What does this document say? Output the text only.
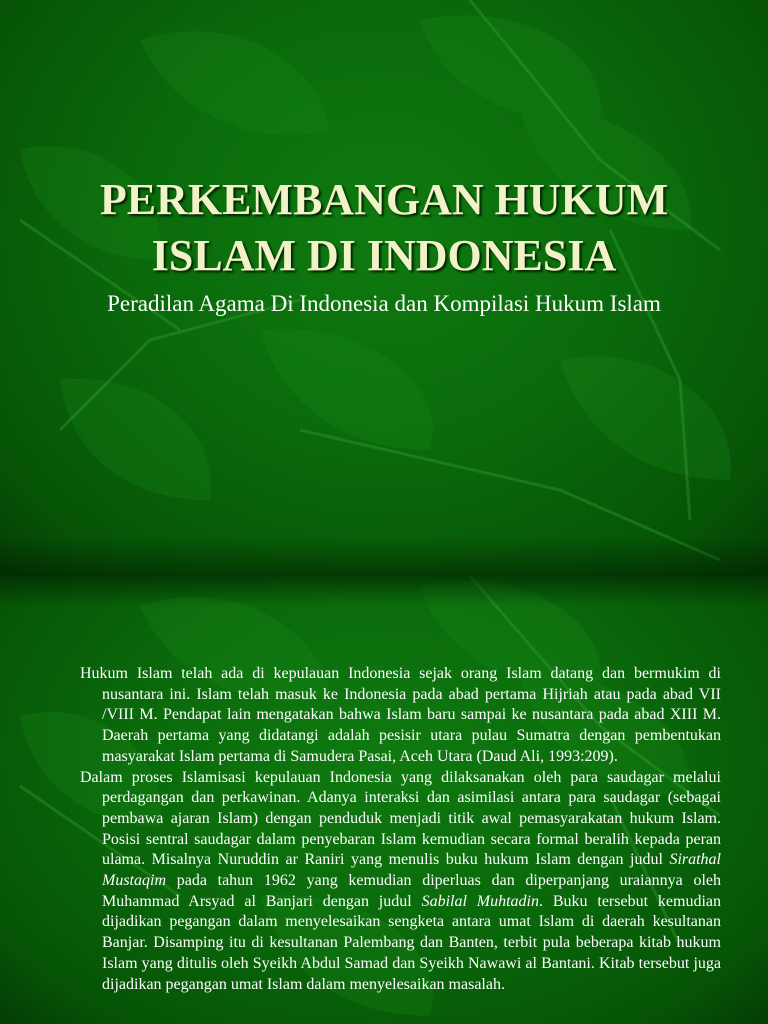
PERKEMBANGAN HUKUM
ISLAM DI INDONESIA

Peradilan Agama Di Indonesia dan Kompilasi Hukum Islam

Hukum Islam telah ada di kepulauan Indonesia sejak orang Islam datang dan bermukim di nusantara ini. Islam telah masuk ke Indonesia pada abad pertama Hijriah atau pada abad VII /VIII M. Pendapat lain mengatakan bahwa Islam baru sampai ke nusantara pada abad XIII M. Daerah pertama yang didatangi adalah pesisir utara pulau Sumatra dengan pembentukan masyarakat Islam pertama di Samudera Pasai, Aceh Utara (Daud Ali, 1993:209).

Dalam proses Islamisasi kepulauan Indonesia yang dilaksanakan oleh para saudagar melalui perdagangan dan perkawinan. Adanya interaksi dan asimilasi antara para saudagar (sebagai pembawa ajaran Islam) dengan penduduk menjadi titik awal pemasyarakatan hukum Islam. Posisi sentral saudagar dalam penyebaran Islam kemudian secara formal beralih kepada peran ulama. Misalnya Nuruddin ar Raniri yang menulis buku hukum Islam dengan judul Sirathal Mustaqim pada tahun 1962 yang kemudian diperluas dan diperpanjang uraiannya oleh Muhammad Arsyad al Banjari dengan judul Sabilal Muhtadin. Buku tersebut kemudian dijadikan pegangan dalam menyelesaikan sengketa antara umat Islam di daerah kesultanan Banjar. Disamping itu di kesultanan Palembang dan Banten, terbit pula beberapa kitab hukum Islam yang ditulis oleh Syeikh Abdul Samad dan Syeikh Nawawi al Bantani. Kitab tersebut juga dijadikan pegangan umat Islam dalam menyelesaikan masalah.
